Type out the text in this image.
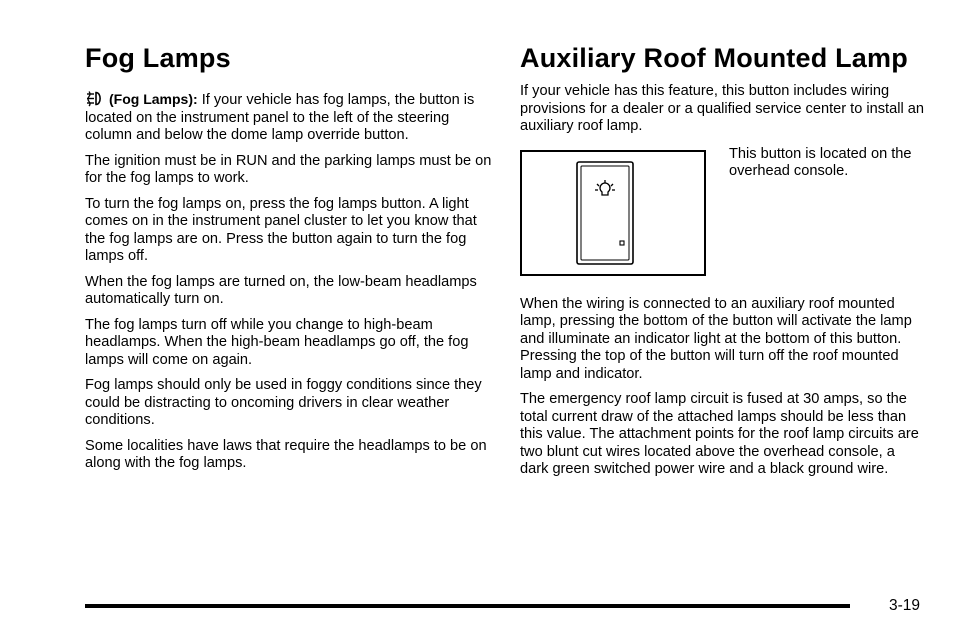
Fog Lamps

(Fog Lamps): If your vehicle has fog lamps, the button is located on the instrument panel to the left of the steering column and below the dome lamp override button.

The ignition must be in RUN and the parking lamps must be on for the fog lamps to work.

To turn the fog lamps on, press the fog lamps button. A light comes on in the instrument panel cluster to let you know that the fog lamps are on. Press the button again to turn the fog lamps off.

When the fog lamps are turned on, the low-beam headlamps automatically turn on.

The fog lamps turn off while you change to high-beam headlamps. When the high-beam headlamps go off, the fog lamps will come on again.

Fog lamps should only be used in foggy conditions since they could be distracting to oncoming drivers in clear weather conditions.

Some localities have laws that require the headlamps to be on along with the fog lamps.

Auxiliary Roof Mounted Lamp

If your vehicle has this feature, this button includes wiring provisions for a dealer or a qualified service center to install an auxiliary roof lamp.

This button is located on the overhead console.

When the wiring is connected to an auxiliary roof mounted lamp, pressing the bottom of the button will activate the lamp and illuminate an indicator light at the bottom of this button. Pressing the top of the button will turn off the roof mounted lamp and indicator.

The emergency roof lamp circuit is fused at 30 amps, so the total current draw of the attached lamps should be less than this value. The attachment points for the roof lamp circuits are two blunt cut wires located above the overhead console, a dark green switched power wire and a black ground wire.

3-19
